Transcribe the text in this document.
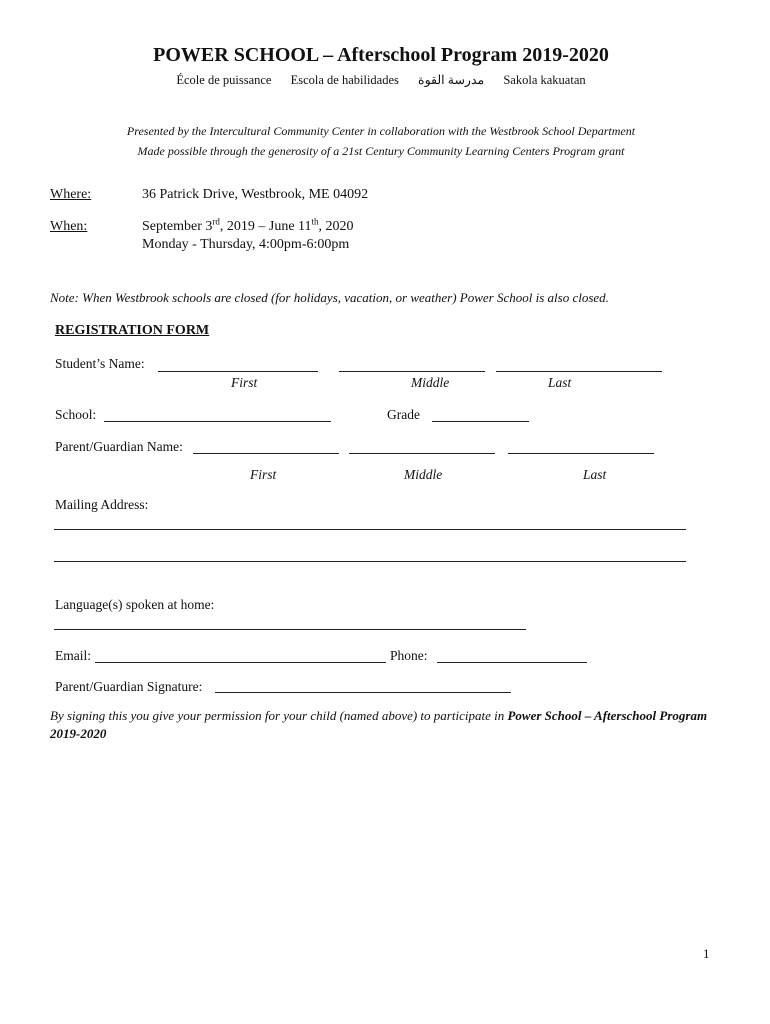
POWER SCHOOL – Afterschool Program 2019-2020
École de puissance Escola de habilidades مدرسة القوة Sakola kakuatan
Presented by the Intercultural Community Center in collaboration with the Westbrook School Department
Made possible through the generosity of a 21st Century Community Learning Centers Program grant
Where:	36 Patrick Drive, Westbrook, ME 04092
When:	September 3rd, 2019 – June 11th, 2020
Monday - Thursday, 4:00pm-6:00pm
Note: When Westbrook schools are closed (for holidays, vacation, or weather) Power School is also closed.
REGISTRATION FORM
Student’s Name:
First	Middle	Last
School:	Grade
Parent/Guardian Name:
First	Middle	Last
Mailing Address:
Language(s) spoken at home:
Email:	Phone:
Parent/Guardian Signature:
By signing this you give your permission for your child (named above) to participate in Power School – Afterschool Program 2019-2020
1
